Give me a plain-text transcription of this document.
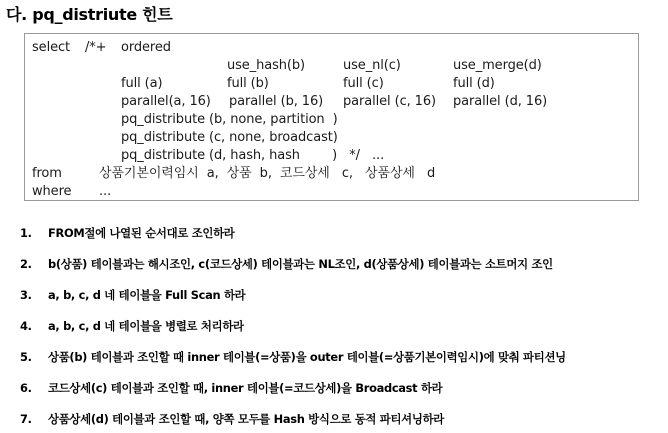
다. pq_distriute 힌트
select /*+ ordered
use_hash(b)	use_nl(c)	use_merge(d)
full (a)	full (b)	full (c)	full (d)
parallel(a, 16) parallel (b, 16) parallel (c, 16) parallel (d, 16)
pq_distribute (b, none, partition  )
pq_distribute (c, none, broadcast)
pq_distribute (d, hash, hash        )   */   ...
from	상품기본이력임시  a,  상품  b,  코드상세   c,   상품상세   d
where ...
1. FROM절에 나열된 순서대로 조인하라
2. b(상품) 테이블과는 해시조인, c(코드상세) 테이블과는 NL조인, d(상품상세) 테이블과는 소트머지 조인
3. a, b, c, d 네 테이블을 Full Scan 하라
4. a, b, c, d 네 테이블을 병렬로 처리하라
5. 상품(b) 테이블과 조인할 때 inner 테이블(=상품)을 outer 테이블(=상품기본이력임시)에 맞춰 파티션닝
6. 코드상세(c) 테이블과 조인할 때, inner 테이블(=코드상세)을 Broadcast 하라
7. 상품상세(d) 테이블과 조인할 때, 양쪽 모두를 Hash 방식으로 동적 파티셔닝하라
